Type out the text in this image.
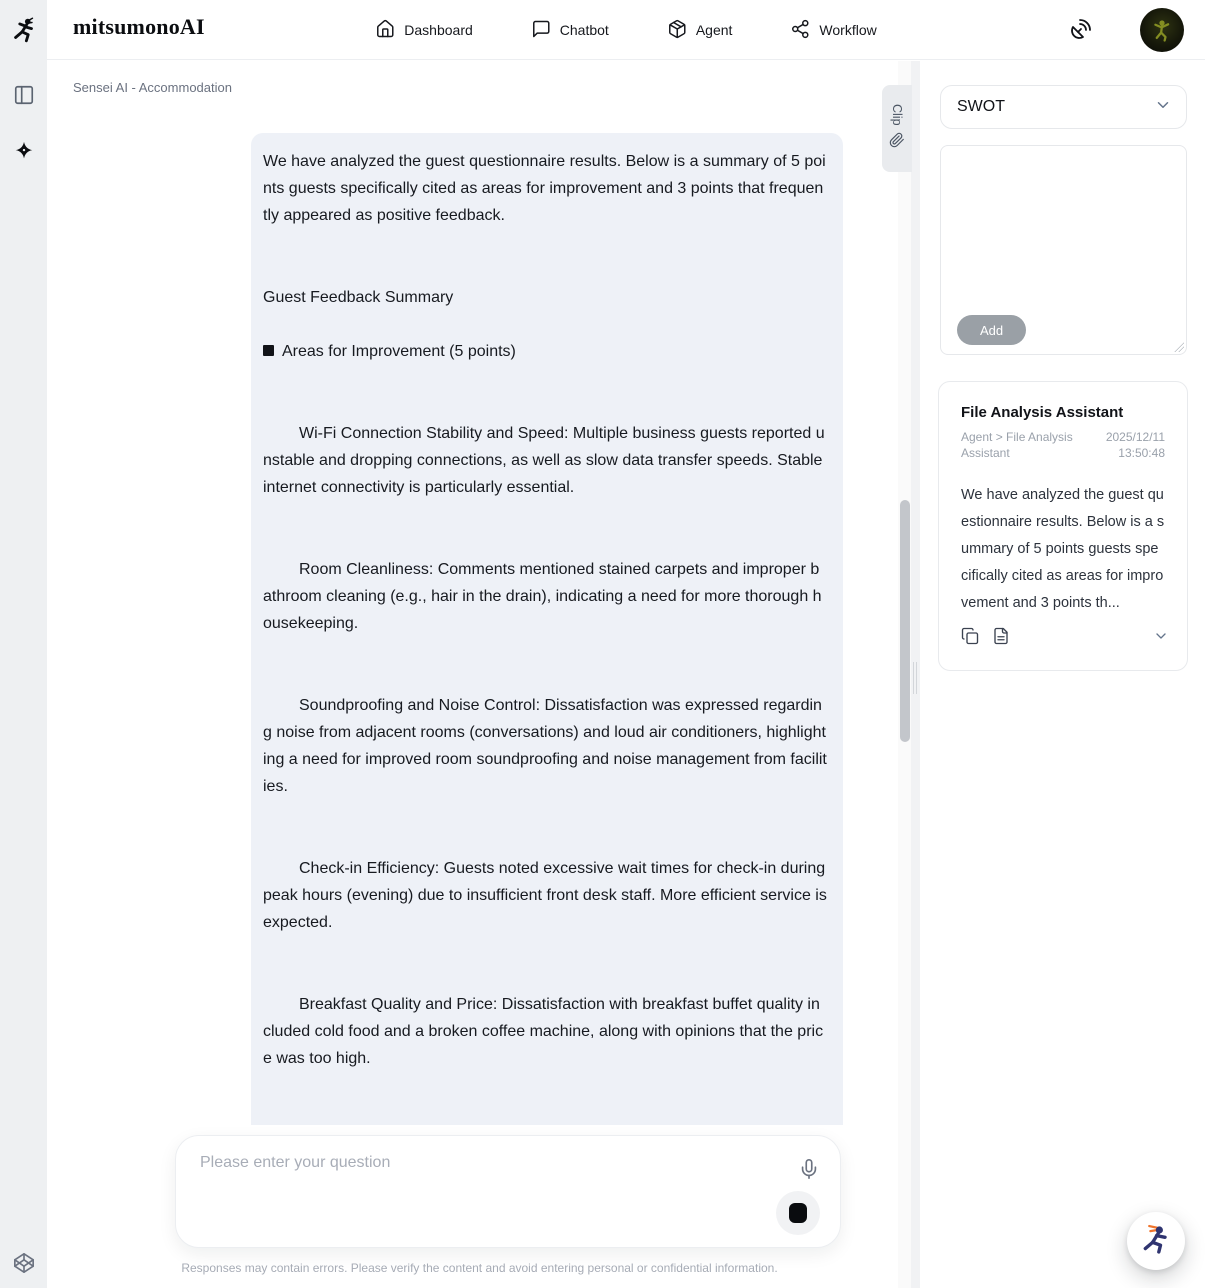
mitsumonoAI	Dashboard	Chatbot	Agent	Workflow
Sensei AI - Accommodation
Clip

We have analyzed the guest questionnaire results. Below is a summary of 5 points guests specifically cited as areas for improvement and 3 points that frequently appeared as positive feedback.

Guest Feedback Summary

Areas for Improvement (5 points)

Wi-Fi Connection Stability and Speed: Multiple business guests reported unstable and dropping connections, as well as slow data transfer speeds. Stable internet connectivity is particularly essential.

Room Cleanliness: Comments mentioned stained carpets and improper bathroom cleaning (e.g., hair in the drain), indicating a need for more thorough housekeeping.

Soundproofing and Noise Control: Dissatisfaction was expressed regarding noise from adjacent rooms (conversations) and loud air conditioners, highlighting a need for improved room soundproofing and noise management from facilities.

Check-in Efficiency: Guests noted excessive wait times for check-in during peak hours (evening) due to insufficient front desk staff. More efficient service is expected.

Breakfast Quality and Price: Dissatisfaction with breakfast buffet quality included cold food and a broken coffee machine, along with opinions that the price was too high.

Please enter your question
Responses may contain errors. Please verify the content and avoid entering personal or confidential information.
SWOT
Add
File Analysis Assistant
Agent > File Analysis Assistant
2025/12/11
13:50:48
We have analyzed the guest questionnaire results. Below is a summary of 5 points guests specifically cited as areas for improvement and 3 points th...
